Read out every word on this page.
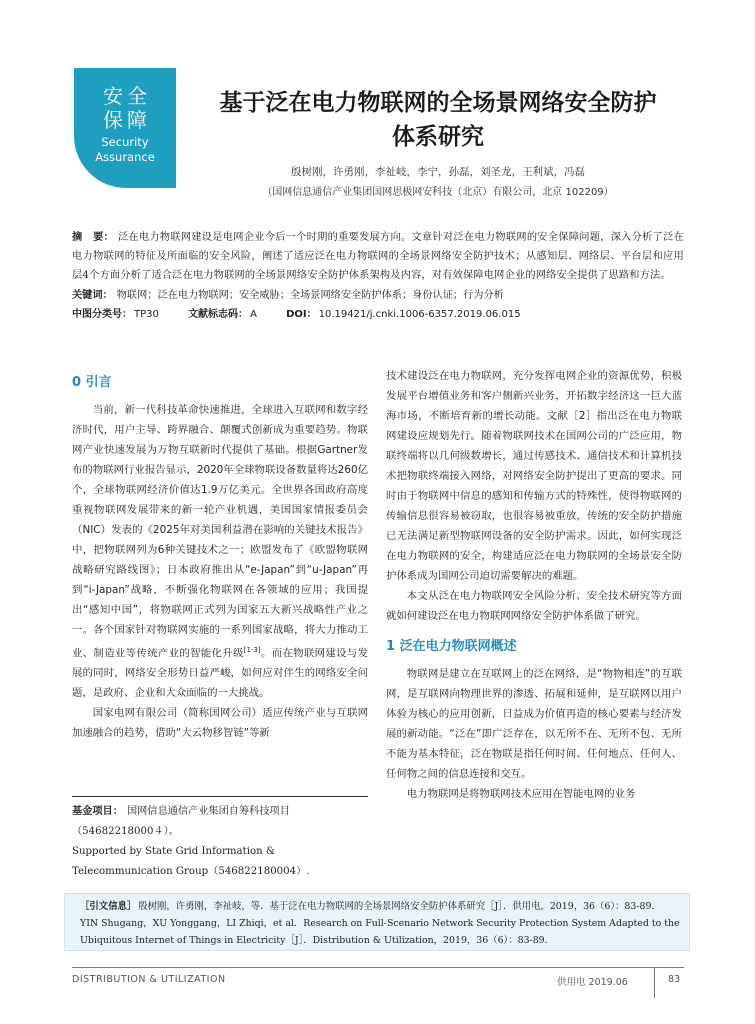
安全
保障
Security
Assurance
基于泛在电力物联网的全场景网络安全防护
体系研究
殷树刚，许勇刚，李祉岐，李宁，孙磊，刘圣龙，王利斌，冯磊
（国网信息通信产业集团国网思极网安科技（北京）有限公司，北京 102209）
摘　要： 泛在电力物联网建设是电网企业今后一个时期的重要发展方向。文章针对泛在电力物联网的安全保障问题，深入分析了泛在电力物联网的特征及所面临的安全风险，阐述了适应泛在电力物联网的全场景网络安全防护技术；从感知层、网络层、平台层和应用层4个方面分析了适合泛在电力物联网的全场景网络安全防护体系架构及内容，对有效保障电网企业的网络安全提供了思路和方法。
关键词： 物联网；泛在电力物联网；安全威胁；全场景网络安全防护体系；身份认证；行为分析
中图分类号： TP30	文献标志码： A	DOI： 10.19421/j.cnki.1006-6357.2019.06.015
0 引言

当前，新一代科技革命快速推进，全球进入互联网和数字经济时代，用户主导、跨界融合、颠覆式创新成为重要趋势。物联网产业快速发展为万物互联新时代提供了基础。根据Gartner发布的物联网行业报告显示，2020年全球物联设备数量将达260亿个，全球物联网经济价值达1.9万亿美元。全世界各国政府高度重视物联网发展带来的新一轮产业机遇，美国国家情报委员会（NIC）发表的《2025年对美国利益潜在影响的关键技术报告》中，把物联网列为6种关键技术之一；欧盟发布了《欧盟物联网战略研究路线图》；日本政府推出从“e-Japan”到“u-Japan”再到“i-Japan”战略，不断强化物联网在各领域的应用；我国提出“感知中国”，将物联网正式列为国家五大新兴战略性产业之一。各个国家针对物联网实施的一系列国家战略，将大力推动工业、制造业等传统产业的智能化升级[1-3]。而在物联网建设与发展的同时，网络安全形势日益严峻，如何应对伴生的网络安全问题，是政府、企业和大众面临的一大挑战。

国家电网有限公司（简称国网公司）适应传统产业与互联网加速融合的趋势，借助“大云物移智链”等新

技术建设泛在电力物联网，充分发挥电网企业的资源优势，积极发展平台增值业务和客户侧新兴业务，开拓数字经济这一巨大蓝海市场，不断培育新的增长动能。文献［2］指出泛在电力物联网建设应规划先行。随着物联网技术在国网公司的广泛应用，物联终端将以几何级数增长，通过传感技术、通信技术和计算机技术把物联终端接入网络，对网络安全防护提出了更高的要求。同时由于物联网中信息的感知和传输方式的特殊性，使得物联网的传输信息很容易被窃取，也很容易被重放，传统的安全防护措施已无法满足新型物联网设备的安全防护需求。因此，如何实现泛在电力物联网的安全，构建适应泛在电力物联网的全场景安全防护体系成为国网公司迫切需要解决的难题。

本文从泛在电力物联网安全风险分析、安全技术研究等方面就如何建设泛在电力物联网网络安全防护体系做了研究。

1 泛在电力物联网概述

物联网是建立在互联网上的泛在网络，是“物物相连”的互联网，是互联网向物理世界的渗透、拓展和延伸，是互联网以用户体验为核心的应用创新，日益成为价值再造的核心要素与经济发展的新动能。“泛在”即广泛存在，以无所不在、无所不包、无所不能为基本特征，泛在物联是指任何时间、任何地点、任何人、任何物之间的信息连接和交互。

电力物联网是将物联网技术应用在智能电网的业务

基金项目： 国网信息通信产业集团自筹科技项目（54682218000４）。
Supported by State Grid Information & Telecommunication Group（546822180004）.
［引文信息］ 殷树刚，许勇刚，李祉岐，等．基于泛在电力物联网的全场景网络安全防护体系研究［J］．供用电，2019，36（6）：83-89．
YIN Shugang，XU Yonggang，LI Zhiqi，et al．Research on Full-Scenario Network Security Protection System Adapted to the Ubiquitous Internet of Things in Electricity［J］．Distribution & Utilization，2019，36（6）：83-89．
DISTRIBUTION & UTILIZATION	供用电 2019.06	83
